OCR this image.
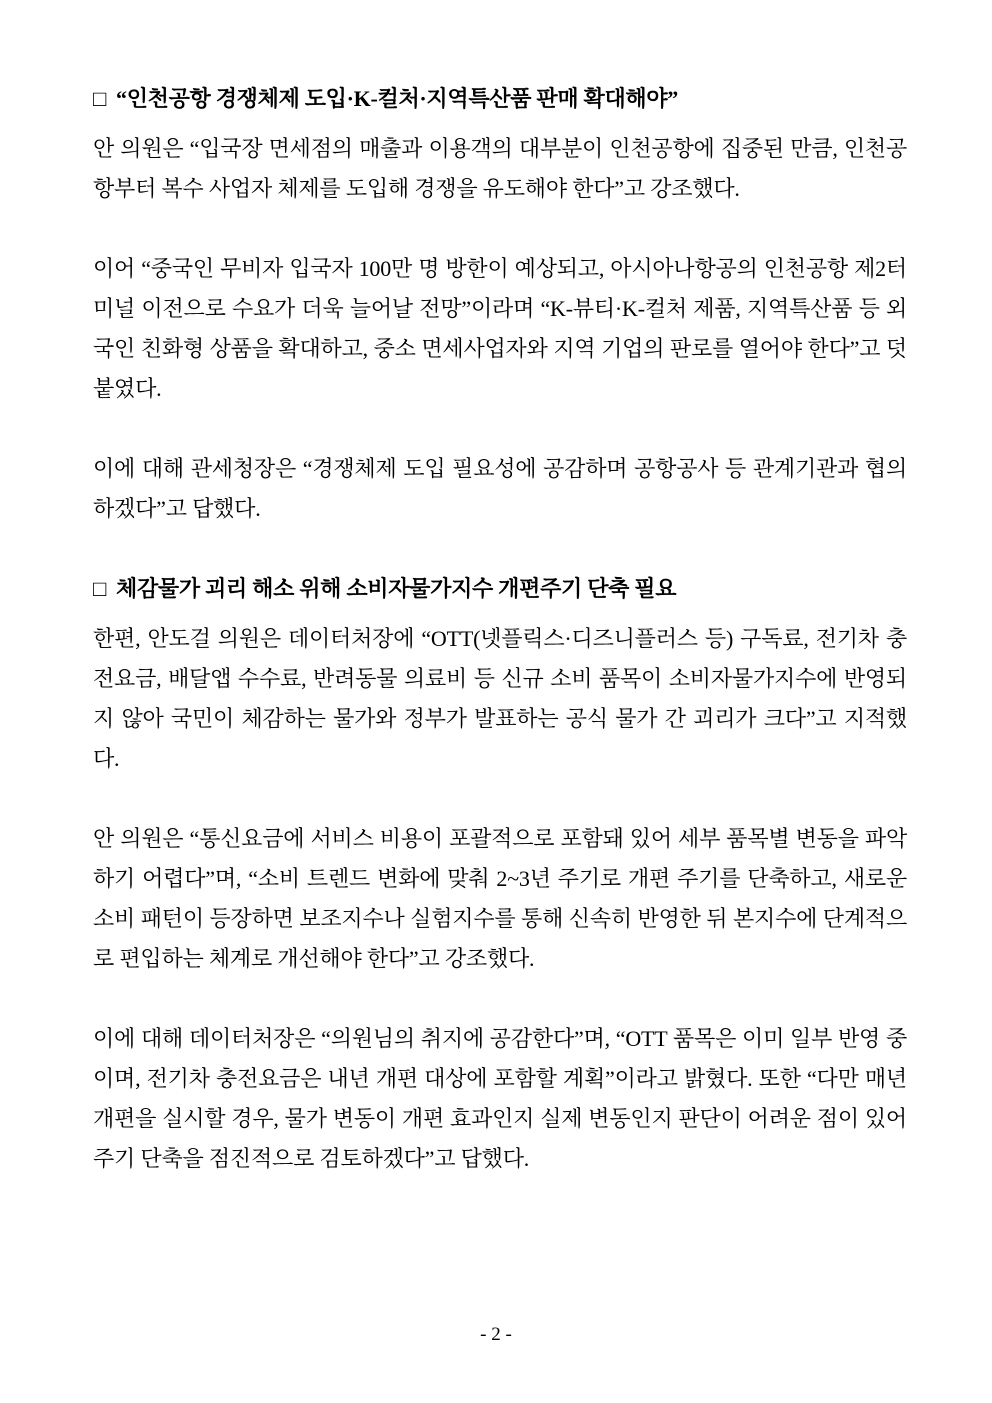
□ “인천공항 경쟁체제 도입·K-컬처·지역특산품 판매 확대해야”

안 의원은 “입국장 면세점의 매출과 이용객의 대부분이 인천공항에 집중된 만큼, 인천공항부터 복수 사업자 체제를 도입해 경쟁을 유도해야 한다”고 강조했다.

이어 “중국인 무비자 입국자 100만 명 방한이 예상되고, 아시아나항공의 인천공항 제2터미널 이전으로 수요가 더욱 늘어날 전망”이라며 “K-뷰티·K-컬처 제품, 지역특산품 등 외국인 친화형 상품을 확대하고, 중소 면세사업자와 지역 기업의 판로를 열어야 한다”고 덧붙였다.

이에 대해 관세청장은 “경쟁체제 도입 필요성에 공감하며 공항공사 등 관계기관과 협의하겠다”고 답했다.

□ 체감물가 괴리 해소 위해 소비자물가지수 개편주기 단축 필요

한편, 안도걸 의원은 데이터처장에 “OTT(넷플릭스·디즈니플러스 등) 구독료, 전기차 충전요금, 배달앱 수수료, 반려동물 의료비 등 신규 소비 품목이 소비자물가지수에 반영되지 않아 국민이 체감하는 물가와 정부가 발표하는 공식 물가 간 괴리가 크다”고 지적했다.

안 의원은 “통신요금에 서비스 비용이 포괄적으로 포함돼 있어 세부 품목별 변동을 파악하기 어렵다”며, “소비 트렌드 변화에 맞춰 2~3년 주기로 개편 주기를 단축하고, 새로운 소비 패턴이 등장하면 보조지수나 실험지수를 통해 신속히 반영한 뒤 본지수에 단계적으로 편입하는 체계로 개선해야 한다”고 강조했다.

이에 대해 데이터처장은 “의원님의 취지에 공감한다”며, “OTT 품목은 이미 일부 반영 중이며, 전기차 충전요금은 내년 개편 대상에 포함할 계획”이라고 밝혔다. 또한 “다만 매년 개편을 실시할 경우, 물가 변동이 개편 효과인지 실제 변동인지 판단이 어려운 점이 있어 주기 단축을 점진적으로 검토하겠다”고 답했다.

- 2 -
